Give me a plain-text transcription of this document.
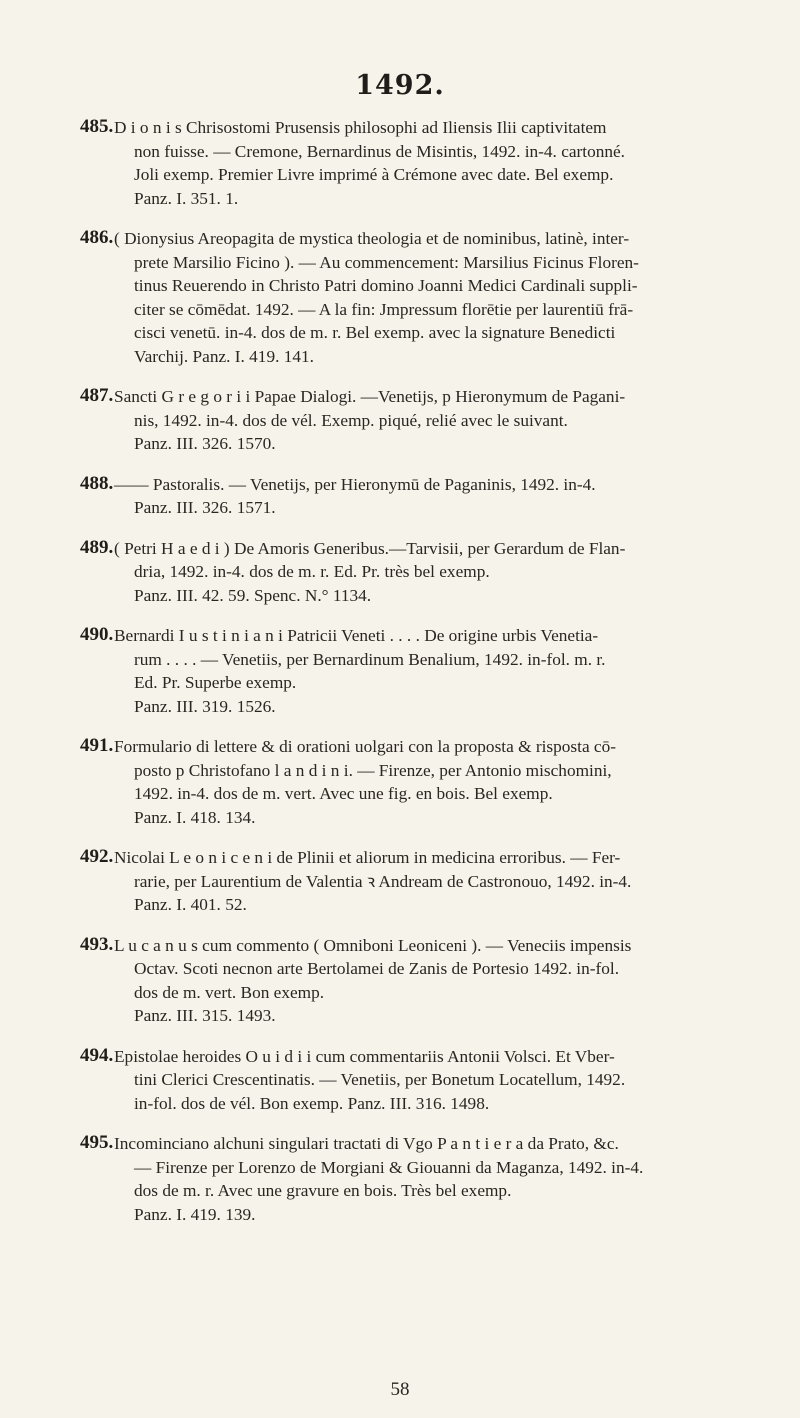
1492.
485. D i o n i s Chrisostomi Prusensis philosophi ad Iliensis Ilii captivitatem
non fuisse. — Cremone, Bernardinus de Misintis, 1492. in-4. cartonné.
Joli exemp. Premier Livre imprimé à Crémone avec date. Bel exemp.
Panz. I. 351. 1.
486. ( Dionysius Areopagita de mystica theologia et de nominibus, latinè, inter-
prete Marsilio Ficino ). — Au commencement: Marsilius Ficinus Floren-
tinus Reuerendo in Christo Patri domino Joanni Medici Cardinali suppli-
citer se cōmēdat. 1492. — A la fin: Jmpressum florētie per laurentiū frā-
cisci venetū. in-4. dos de m. r. Bel exemp. avec la signature Benedicti
Varchij. Panz. I. 419. 141.
487. Sancti G r e g o r i i Papae Dialogi. —Venetijs, p Hieronymum de Pagani-
nis, 1492. in-4. dos de vél. Exemp. piqué, relié avec le suivant.
Panz. III. 326. 1570.
488. —— Pastoralis. — Venetijs, per Hieronymū de Paganinis, 1492. in-4.
Panz. III. 326. 1571.
489. ( Petri H a e d i ) De Amoris Generibus.—Tarvisii, per Gerardum de Flan-
dria, 1492. in-4. dos de m. r. Ed. Pr. très bel exemp.
Panz. III. 42. 59. Spenc. N.° 1134.
490. Bernardi I u s t i n i a n i Patricii Veneti . . . . De origine urbis Venetia-
rum . . . . — Venetiis, per Bernardinum Benalium, 1492. in-fol. m. r.
Ed. Pr. Superbe exemp.
Panz. III. 319. 1526.
491. Formulario di lettere & di orationi uolgari con la proposta & risposta cō-
posto p Christofano l a n d i n i. — Firenze, per Antonio mischomini,
1492. in-4. dos de m. vert. Avec une fig. en bois. Bel exemp.
Panz. I. 418. 134.
492. Nicolai L e o n i c e n i de Plinii et aliorum in medicina erroribus. — Fer-
rarie, per Laurentium de Valentia ꝛ Andream de Castronouo, 1492. in-4.
Panz. I. 401. 52.
493. L u c a n u s cum commento ( Omniboni Leoniceni ). — Veneciis impensis
Octav. Scoti necnon arte Bertolamei de Zanis de Portesio 1492. in-fol.
dos de m. vert. Bon exemp.
Panz. III. 315. 1493.
494. Epistolae heroides O u i d i i cum commentariis Antonii Volsci. Et Vber-
tini Clerici Crescentinatis. — Venetiis, per Bonetum Locatellum, 1492.
in-fol. dos de vél. Bon exemp. Panz. III. 316. 1498.
495. Incominciano alchuni singulari tractati di Vgo P a n t i e r a da Prato, &c.
— Firenze per Lorenzo de Morgiani & Giouanni da Maganza, 1492. in-4.
dos de m. r. Avec une gravure en bois. Très bel exemp.
Panz. I. 419. 139.
58
